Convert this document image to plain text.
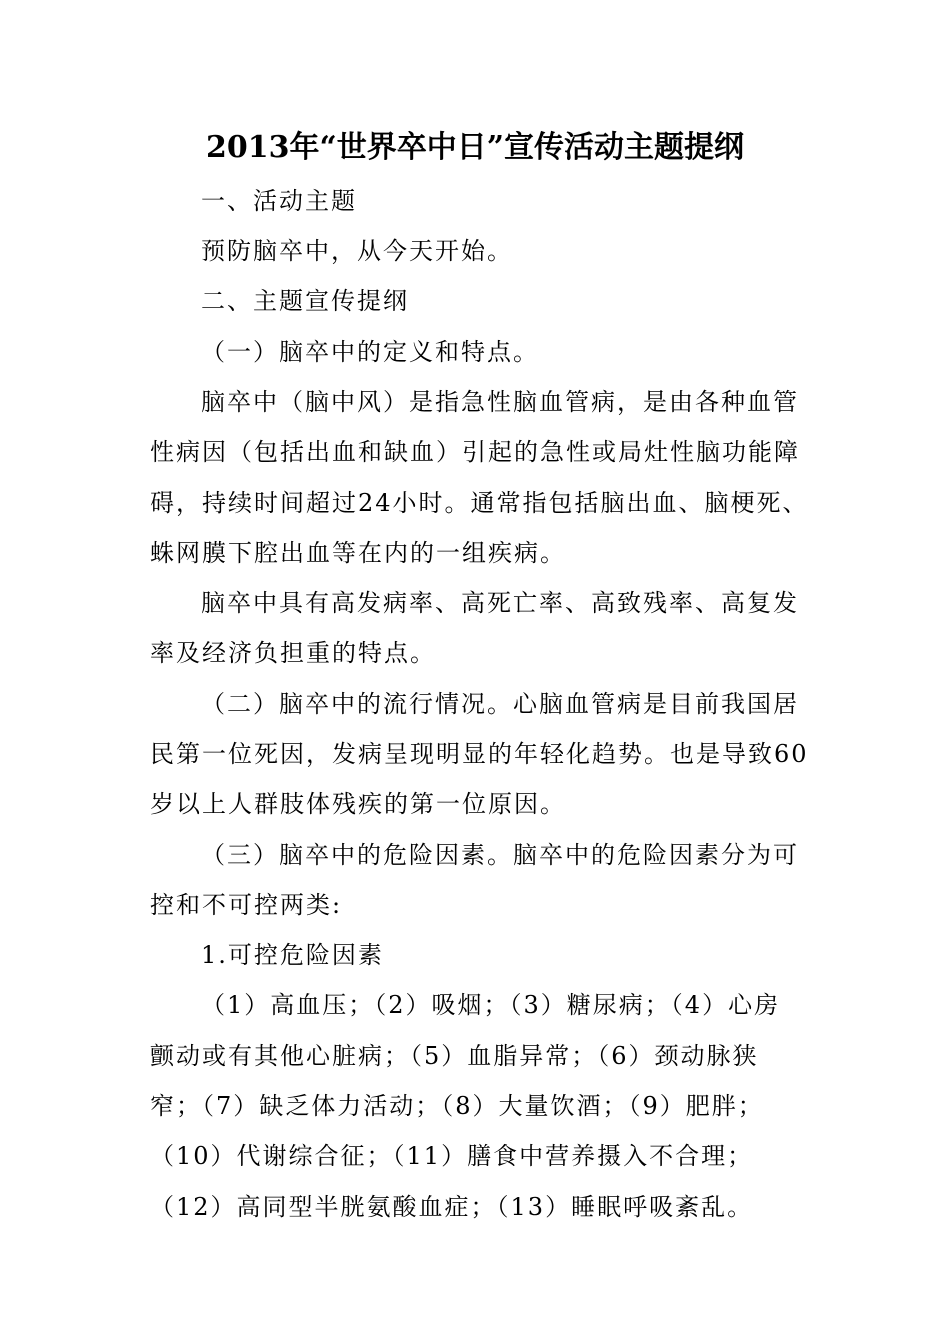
2013年“世界卒中日”宣传活动主题提纲
一、活动主题
预防脑卒中，从今天开始。
二、主题宣传提纲
（一）脑卒中的定义和特点。
脑卒中（脑中风）是指急性脑血管病，是由各种血管
性病因（包括出血和缺血）引起的急性或局灶性脑功能障
碍，持续时间超过24小时。通常指包括脑出血、脑梗死、
蛛网膜下腔出血等在内的一组疾病。
脑卒中具有高发病率、高死亡率、高致残率、高复发
率及经济负担重的特点。
（二）脑卒中的流行情况。心脑血管病是目前我国居
民第一位死因，发病呈现明显的年轻化趋势。也是导致60
岁以上人群肢体残疾的第一位原因。
（三）脑卒中的危险因素。脑卒中的危险因素分为可
控和不可控两类:
1.可控危险因素
（1）高血压；（2）吸烟；（3）糖尿病；（4）心房
颤动或有其他心脏病；（5）血脂异常；（6）颈动脉狭
窄；（7）缺乏体力活动；（8）大量饮酒；（9）肥胖；
（10）代谢综合征；（11）膳食中营养摄入不合理；
（12）高同型半胱氨酸血症；（13）睡眠呼吸紊乱。
